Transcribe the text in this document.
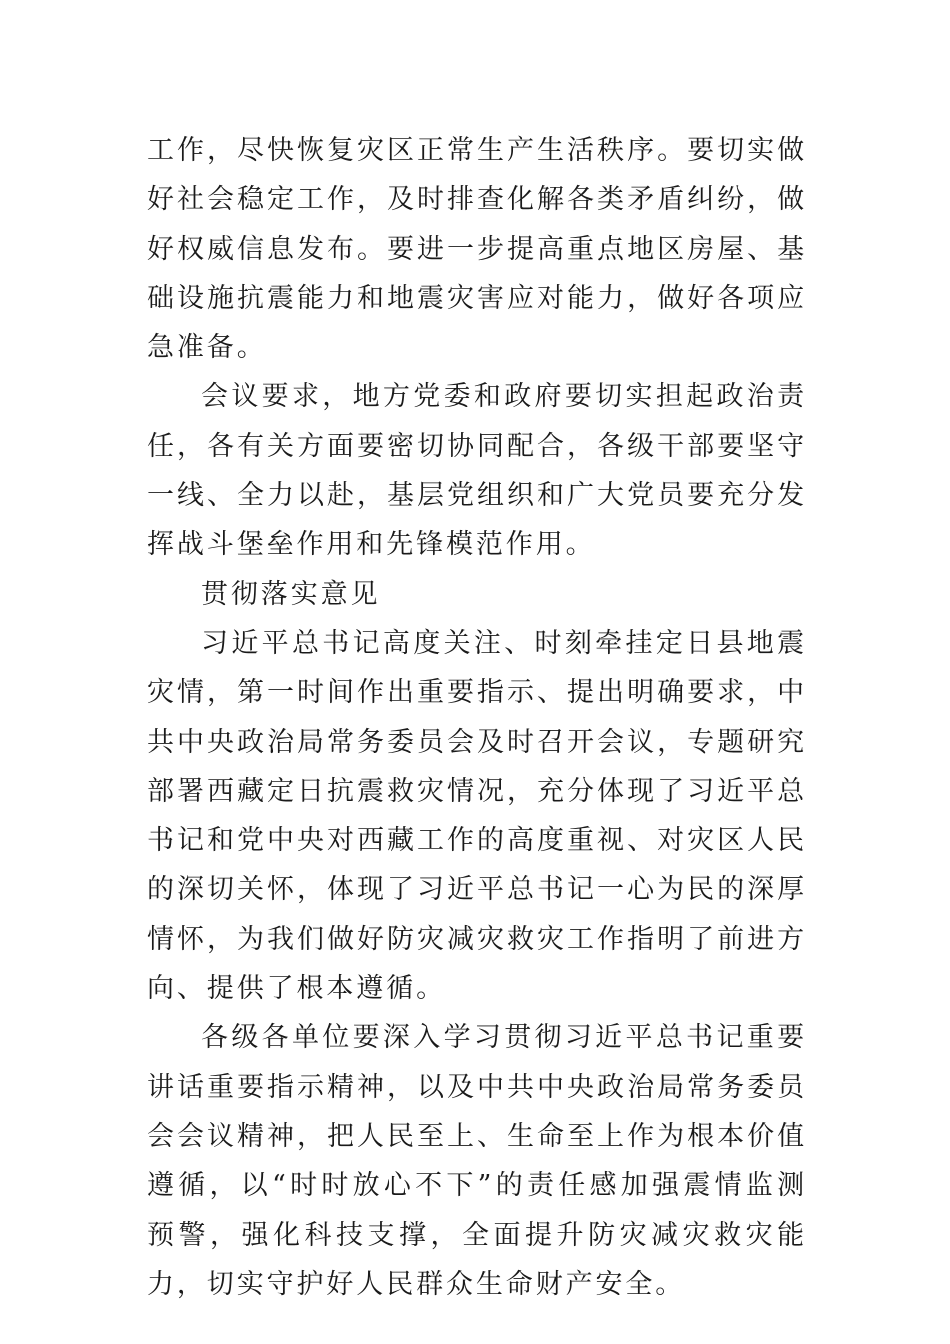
工作，尽快恢复灾区正常生产生活秩序。要切实做好社会稳定工作，及时排查化解各类矛盾纠纷，做好权威信息发布。要进一步提高重点地区房屋、基础设施抗震能力和地震灾害应对能力，做好各项应急准备。

会议要求，地方党委和政府要切实担起政治责任，各有关方面要密切协同配合，各级干部要坚守一线、全力以赴，基层党组织和广大党员要充分发挥战斗堡垒作用和先锋模范作用。

贯彻落实意见

习近平总书记高度关注、时刻牵挂定日县地震灾情，第一时间作出重要指示、提出明确要求，中共中央政治局常务委员会及时召开会议，专题研究部署西藏定日抗震救灾情况，充分体现了习近平总书记和党中央对西藏工作的高度重视、对灾区人民的深切关怀，体现了习近平总书记一心为民的深厚情怀，为我们做好防灾减灾救灾工作指明了前进方向、提供了根本遵循。

各级各单位要深入学习贯彻习近平总书记重要讲话重要指示精神，以及中共中央政治局常务委员会会议精神，把人民至上、生命至上作为根本价值遵循，以“时时放心不下”的责任感加强震情监测预警，强化科技支撑，全面提升防灾减灾救灾能力，切实守护好人民群众生命财产安全。
